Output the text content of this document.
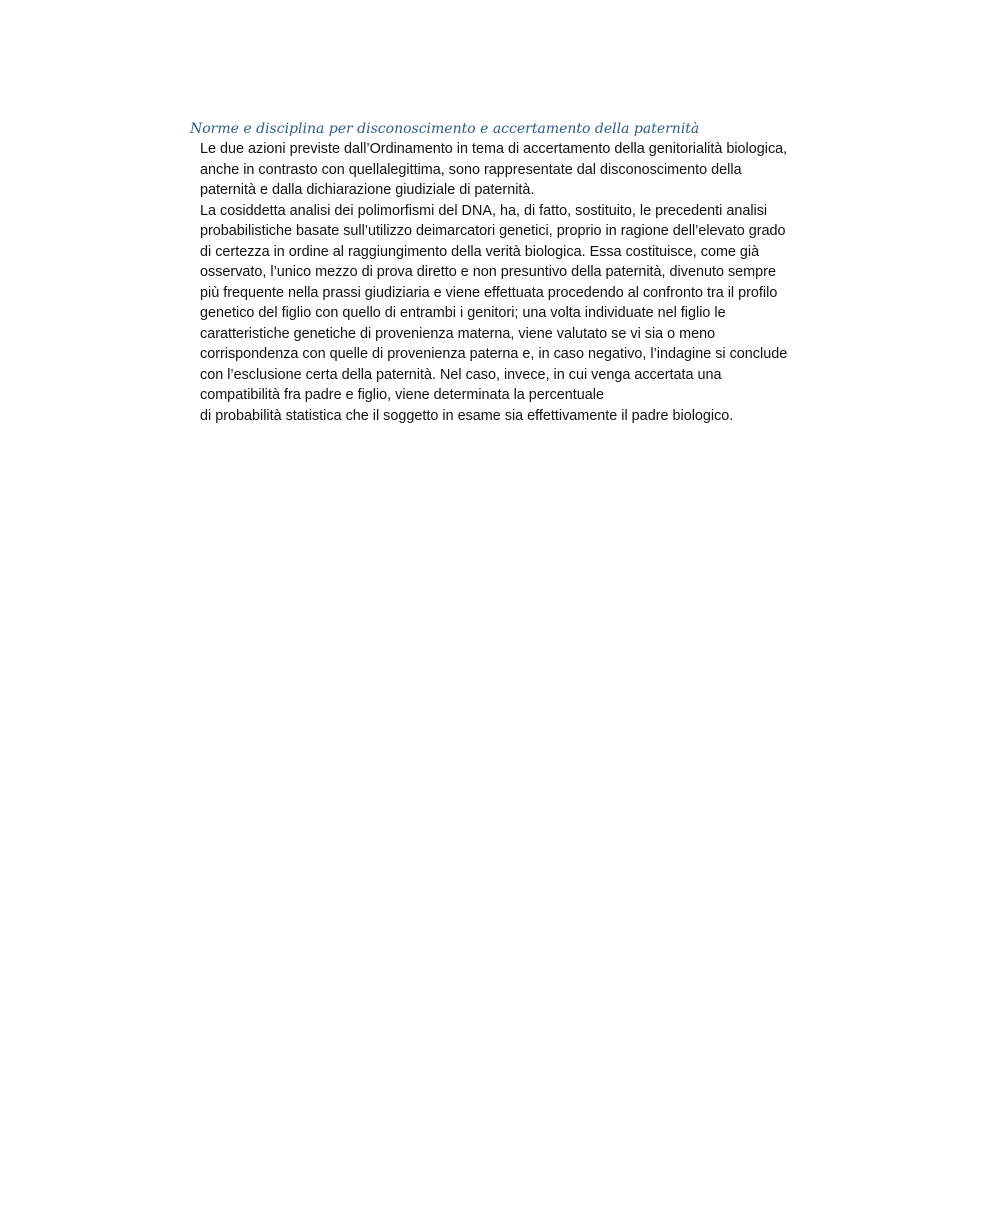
Norme e disciplina per disconoscimento e accertamento della paternità
Le due azioni previste dall’Ordinamento in tema di accertamento della genitorialità biologica,
anche in contrasto con quellalegittima, sono rappresentate dal disconoscimento della
paternità e dalla dichiarazione giudiziale di paternità.
La cosiddetta analisi dei polimorfismi del DNA, ha, di fatto, sostituito, le precedenti analisi
probabilistiche basate sull’utilizzo deimarcatori genetici, proprio in ragione dell’elevato grado
di certezza in ordine al raggiungimento della verità biologica. Essa costituisce, come già
osservato, l’unico mezzo di prova diretto e non presuntivo della paternità, divenuto sempre
più frequente nella prassi giudiziaria e viene effettuata procedendo al confronto tra il profilo
genetico del figlio con quello di entrambi i genitori; una volta individuate nel figlio le
caratteristiche genetiche di provenienza materna, viene valutato se vi sia o meno
corrispondenza con quelle di provenienza paterna e, in caso negativo, l’indagine si conclude
con l’esclusione certa della paternità. Nel caso, invece, in cui venga accertata una
compatibilità fra padre e figlio, viene determinata la percentuale
di probabilità statistica che il soggetto in esame sia effettivamente il padre biologico.
